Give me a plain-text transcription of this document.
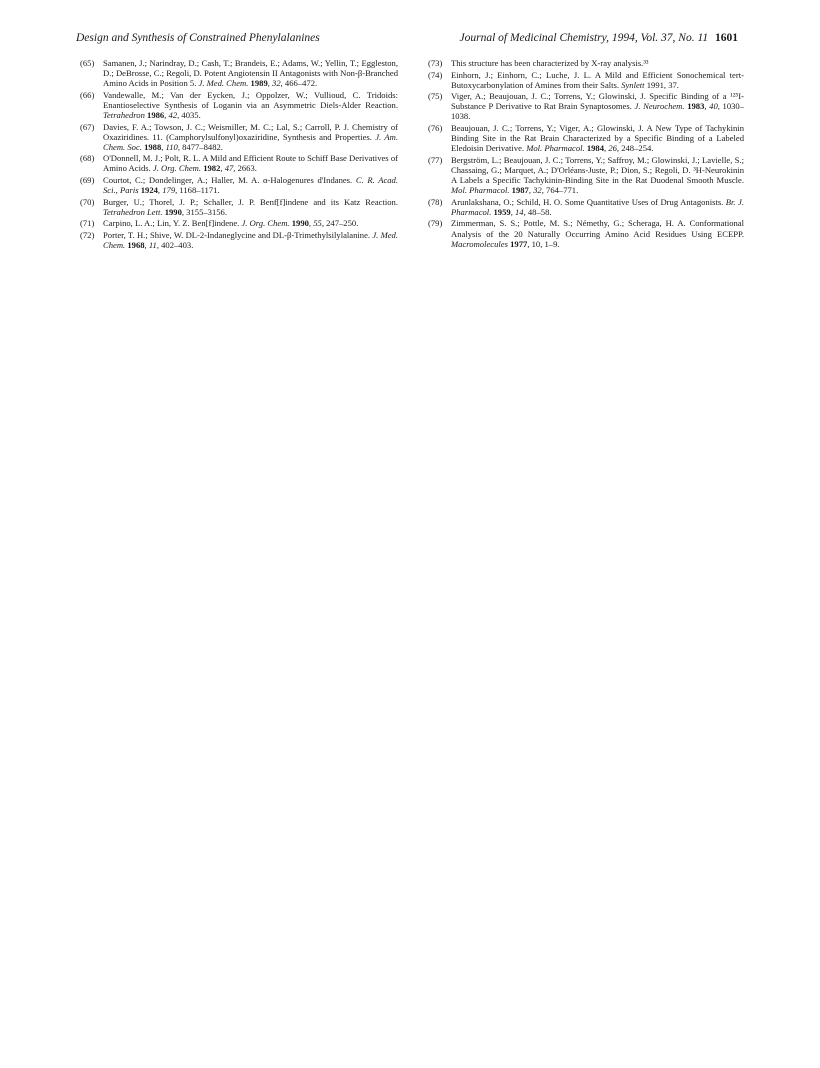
Design and Synthesis of Constrained Phenylalanines	Journal of Medicinal Chemistry, 1994, Vol. 37, No. 11 1601
(65) Samanen, J.; Narindray, D.; Cash, T.; Brandeis, E.; Adams, W.; Yellin, T.; Eggleston, D.; DeBrosse, C.; Regoli, D. Potent Angiotensin II Antagonists with Non-β-Branched Amino Acids in Position 5. J. Med. Chem. 1989, 32, 466–472.
(66) Vandewalle, M.; Van der Eycken, J.; Oppolzer, W.; Vullioud, C. Tridoids: Enantioselective Synthesis of Loganin via an Asymmetric Diels-Alder Reaction. Tetrahedron 1986, 42, 4035.
(67) Davies, F. A.; Towson, J. C.; Weismiller, M. C.; Lal, S.; Carroll, P. J. Chemistry of Oxaziridines. 11. (Camphorylsulfonyl)oxaziridine, Synthesis and Properties. J. Am. Chem. Soc. 1988, 110, 8477–8482.
(68) O'Donnell, M. J.; Polt, R. L. A Mild and Efficient Route to Schiff Base Derivatives of Amino Acids. J. Org. Chem. 1982, 47, 2663.
(69) Courtot, C.; Dondelinger, A.; Haller, M. A. α-Halogenures d'Indanes. C. R. Acad. Sci., Paris 1924, 179, 1168–1171.
(70) Burger, U.; Thorel, J. P.; Schaller, J. P. Benf[f]indene and its Katz Reaction. Tetrahedron Lett. 1990, 3155–3156.
(71) Carpino, L. A.; Lin, Y. Z. Ben[f]indene. J. Org. Chem. 1990, 55, 247–250.
(72) Porter, T. H.; Shive, W. DL-2-Indaneglycine and DL-β-Trimethylsilylalanine. J. Med. Chem. 1968, 11, 402–403.
(73) This structure has been characterized by X-ray analysis.³³
(74) Einhorn, J.; Einhorn, C.; Luche, J. L. A Mild and Efficient Sonochemical tert-Butoxycarbonylation of Amines from their Salts. Synlett 1991, 37.
(75) Viger, A.; Beaujouan, J. C.; Torrens, Y.; Glowinski, J. Specific Binding of a ¹²⁵I-Substance P Derivative to Rat Brain Synaptosomes. J. Neurochem. 1983, 40, 1030–1038.
(76) Beaujouan, J. C.; Torrens, Y.; Viger, A.; Glowinski, J. A New Type of Tachykinin Binding Site in the Rat Brain Characterized by a Specific Binding of a Labeled Eledoisin Derivative. Mol. Pharmacol. 1984, 26, 248–254.
(77) Bergström, L.; Beaujouan, J. C.; Torrens, Y.; Saffroy, M.; Glowinski, J.; Lavielle, S.; Chassaing, G.; Marquet, A.; D'Orléans-Juste, P.; Dion, S.; Regoli, D. ³H-Neurokinin A Labels a Specific Tachykinin-Binding Site in the Rat Duodenal Smooth Muscle. Mol. Pharmacol. 1987, 32, 764–771.
(78) Arunlakshana, O.; Schild, H. O. Some Quantitative Uses of Drug Antagonists. Br. J. Pharmacol. 1959, 14, 48–58.
(79) Zimmerman, S. S.; Pottle, M. S.; Némethy, G.; Scheraga, H. A. Conformational Analysis of the 20 Naturally Occurring Amino Acid Residues Using ECEPP. Macromolecules 1977, 10, 1–9.
